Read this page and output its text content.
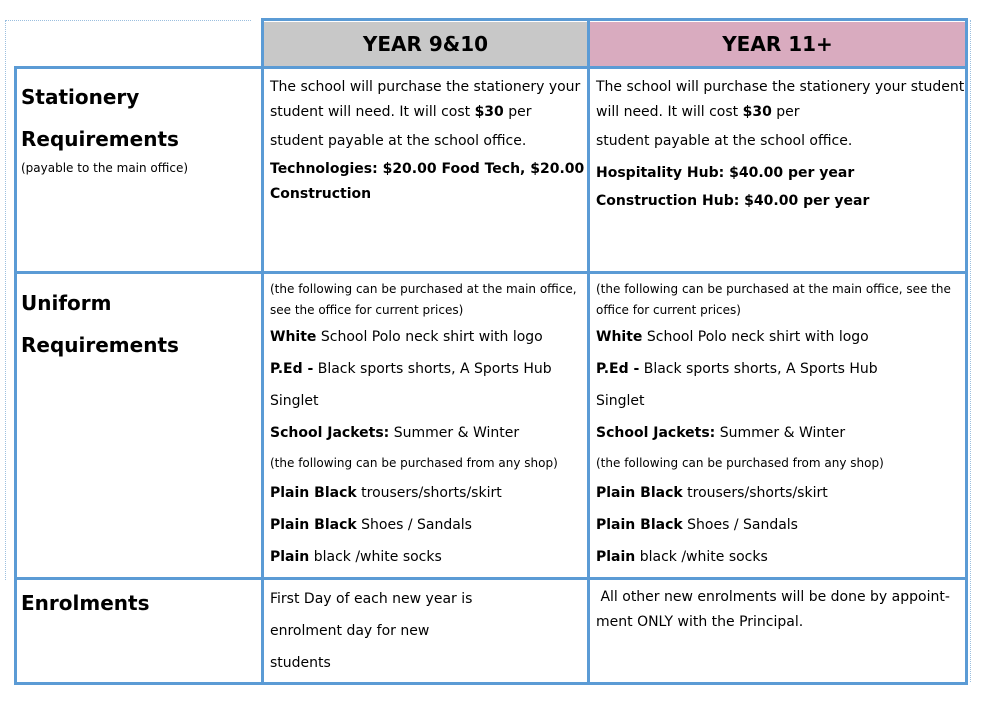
YEAR 9&10	YEAR 11+
Stationery
Requirements
(payable to the main office)
The school will purchase the stationery your
student will need. It will cost $30 per
student payable at the school office.
Technologies: $20.00 Food Tech, $20.00
Construction
The school will purchase the stationery your student
will need. It will cost $30 per
student payable at the school office.
Hospitality Hub: $40.00 per year
Construction Hub: $40.00 per year
Uniform
Requirements
(the following can be purchased at the main office,
see the office for current prices)
White School Polo neck shirt with logo
P.Ed - Black sports shorts, A Sports Hub
Singlet
School Jackets: Summer & Winter
(the following can be purchased from any shop)
Plain Black trousers/shorts/skirt
Plain Black Shoes / Sandals
Plain black /white socks
(the following can be purchased at the main office, see the
office for current prices)
White School Polo neck shirt with logo
P.Ed - Black sports shorts, A Sports Hub
Singlet
School Jackets: Summer & Winter
(the following can be purchased from any shop)
Plain Black trousers/shorts/skirt
Plain Black Shoes / Sandals
Plain black /white socks
Enrolments	First Day of each new year is
enrolment day for new
students
All other new enrolments will be done by appoint-
ment ONLY with the Principal.
